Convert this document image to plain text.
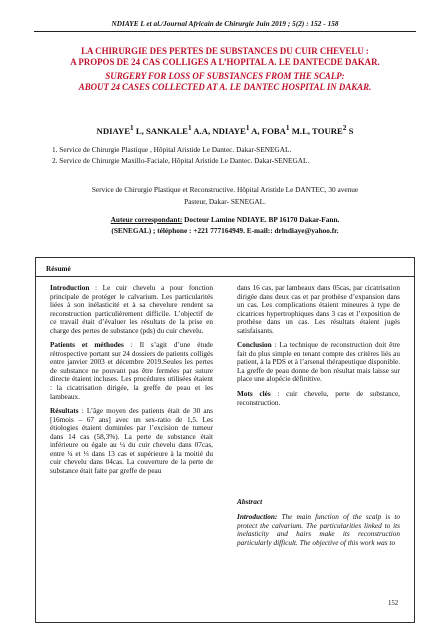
NDIAYE L et al./Journal Africain de Chirurgie Juin 2019 ; 5(2) : 152 - 158
LA CHIRURGIE DES PERTES DE SUBSTANCES DU CUIR CHEVELU :
A PROPOS DE 24 CAS COLLIGES A L’HOPITAL A. LE DANTECDE DAKAR.
SURGERY FOR LOSS OF SUBSTANCES FROM THE SCALP:
ABOUT 24 CASES COLLECTED AT A. LE DANTEC HOSPITAL IN DAKAR.
NDIAYE$^1$ L, SANKALE$^1$ A.A, NDIAYE$^1$ A, FOBA$^1$ M.L, TOURE$^2$ S
1. Service de Chirurgie Plastique , Hôpital Aristide Le Dantec. Dakar-SENEGAL.
2. Service de Chirurgie Maxillo-Faciale, Hôpital Aristide Le Dantec. Dakar-SENEGAL.
Service de Chirurgie Plastique et Reconstructive. Hôpital Aristide Le DANTEC, 30 avenue
Pasteur, Dakar- SENEGAL.
Auteur correspondant: Docteur Lamine NDIAYE. BP 16170 Dakar-Fann.
(SENEGAL) ; téléphone : +221 777164949. E-mail:: drlndiaye@yahoo.fr.
Résumé

Introduction : Le cuir chevelu a pour fonction principale de protéger le calvarium. Les particularités liées à son inélasticité et à sa chevelure rendent sa reconstruction particulièrement difficile. L’objectif de ce travail était d’évaluer les résultats de la prise en charge des pertes de substance (pds) du cuir chevelu.

Patients et méthodes : Il s’agit d’une étude rétrospective portant sur 24 dossiers de patients colligés entre janvier 2003 et décembre 2019.Seules les pertes de substance ne pouvant pas être fermées par suture directe étaient incluses. Les procédures utilisées étaient : la cicatrisation dirigée, la greffe de peau et les lambeaux.

Résultats : L’âge moyen des patients était de 30 ans [16mois – 67 ans] avec un sex-ratio de 1,5. Les étiologies étaient dominées par l’excision de tumeur dans 14 cas (58,3%). La perte de substance était inférieure ou égale au ¼ du cuir chevelu dans 07cas, entre ¼ et ⅓ dans 13 cas et supérieure à la moitié du cuir chevelu dans 04cas. La couverture de la perte de substance était faite par greffe de peau

dans 16 cas, par lambeaux dans 05cas, par cicatrisation dirigée dans deux cas et par prothèse d’expansion dans un cas. Les complications étaient mineures à type de cicatrices hypertrophiques dans 3 cas et l’exposition de prothèse dans un cas. Les résultats étaient jugés satisfaisants.

Conclusion : La technique de reconstruction doit être fait du plus simple en tenant compte des critères liés au patient, à la PDS et à l’arsenal thérapeutique disponible. La greffe de peau donne de bon résultat mais laisse sur place une alopécie définitive.

Mots clés : cuir chevelu, perte de substance, reconstruction.

Abstract
Introduction: The main function of the scalp is to protect the calvarium. The particularities linked to its inelasticity and hairs make its reconstruction particularly difficult. The objective of this work was to
152
